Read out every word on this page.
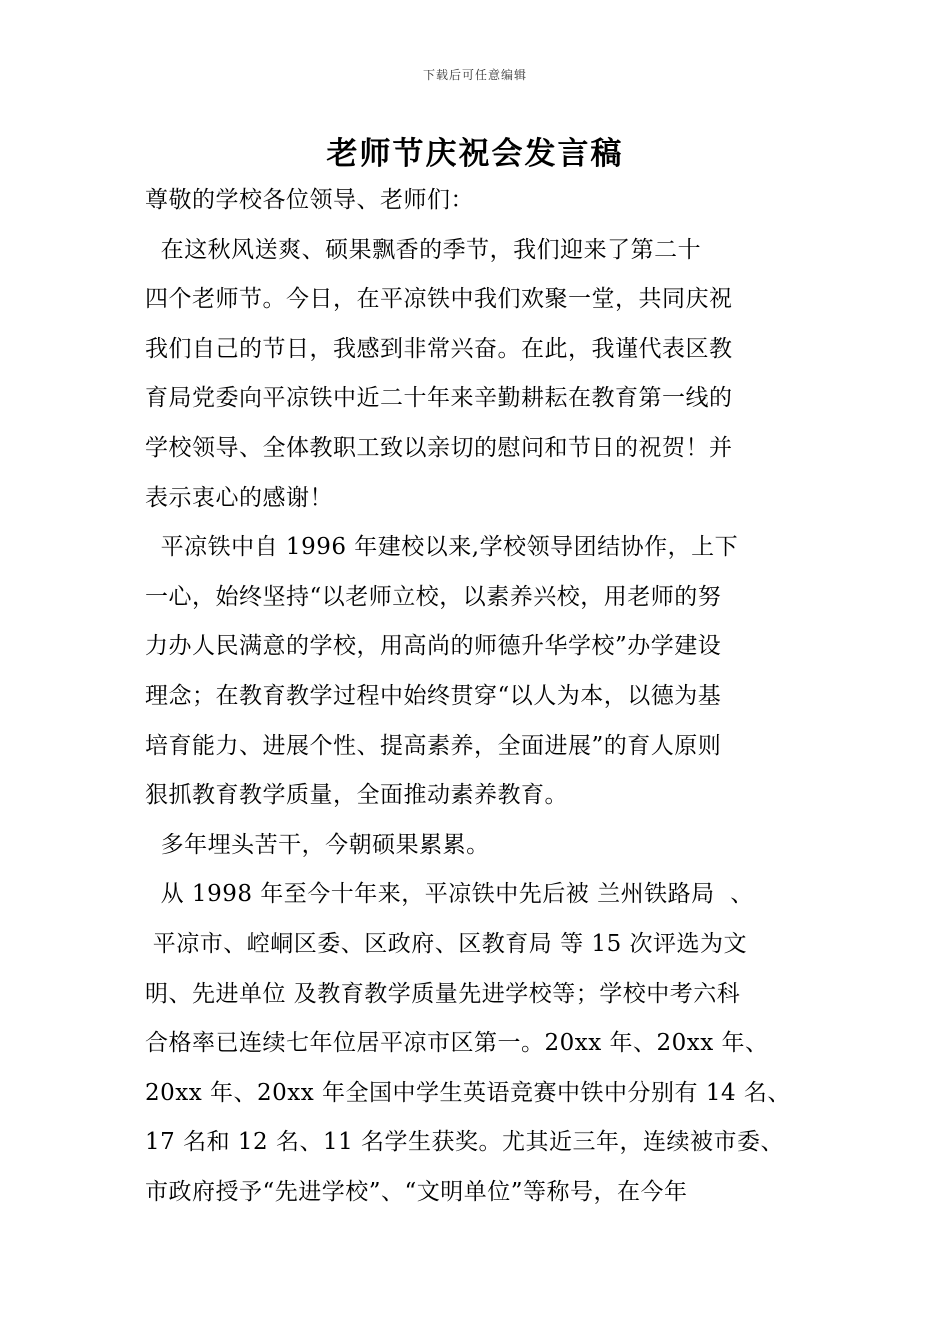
下载后可任意编辑
老师节庆祝会发言稿
尊敬的学校各位领导、老师们：
在这秋风送爽、硕果飘香的季节，我们迎来了第二十
四个老师节。今日，在平凉铁中我们欢聚一堂，共同庆祝
我们自己的节日，我感到非常兴奋。在此，我谨代表区教
育局党委向平凉铁中近二十年来辛勤耕耘在教育第一线的
学校领导、全体教职工致以亲切的慰问和节日的祝贺！并
表示衷心的感谢！
平凉铁中自 1996 年建校以来,学校领导团结协作，上下
一心，始终坚持“以老师立校，以素养兴校，用老师的努
力办人民满意的学校，用高尚的师德升华学校”办学建设
理念；在教育教学过程中始终贯穿“以人为本，以德为基
培育能力、进展个性、提高素养，全面进展”的育人原则
狠抓教育教学质量，全面推动素养教育。
多年埋头苦干，今朝硕果累累。
从 1998 年至今十年来，平凉铁中先后被 兰州铁路局  、
平凉市、崆峒区委、区政府、区教育局 等 15 次评选为文
明、先进单位 及教育教学质量先进学校等；学校中考六科
合格率已连续七年位居平凉市区第一。20xx 年、20xx 年、
20xx 年、20xx 年全国中学生英语竞赛中铁中分别有 14 名、
17 名和 12 名、11 名学生获奖。尤其近三年，连续被市委、
市政府授予“先进学校”、“文明单位”等称号，在今年
